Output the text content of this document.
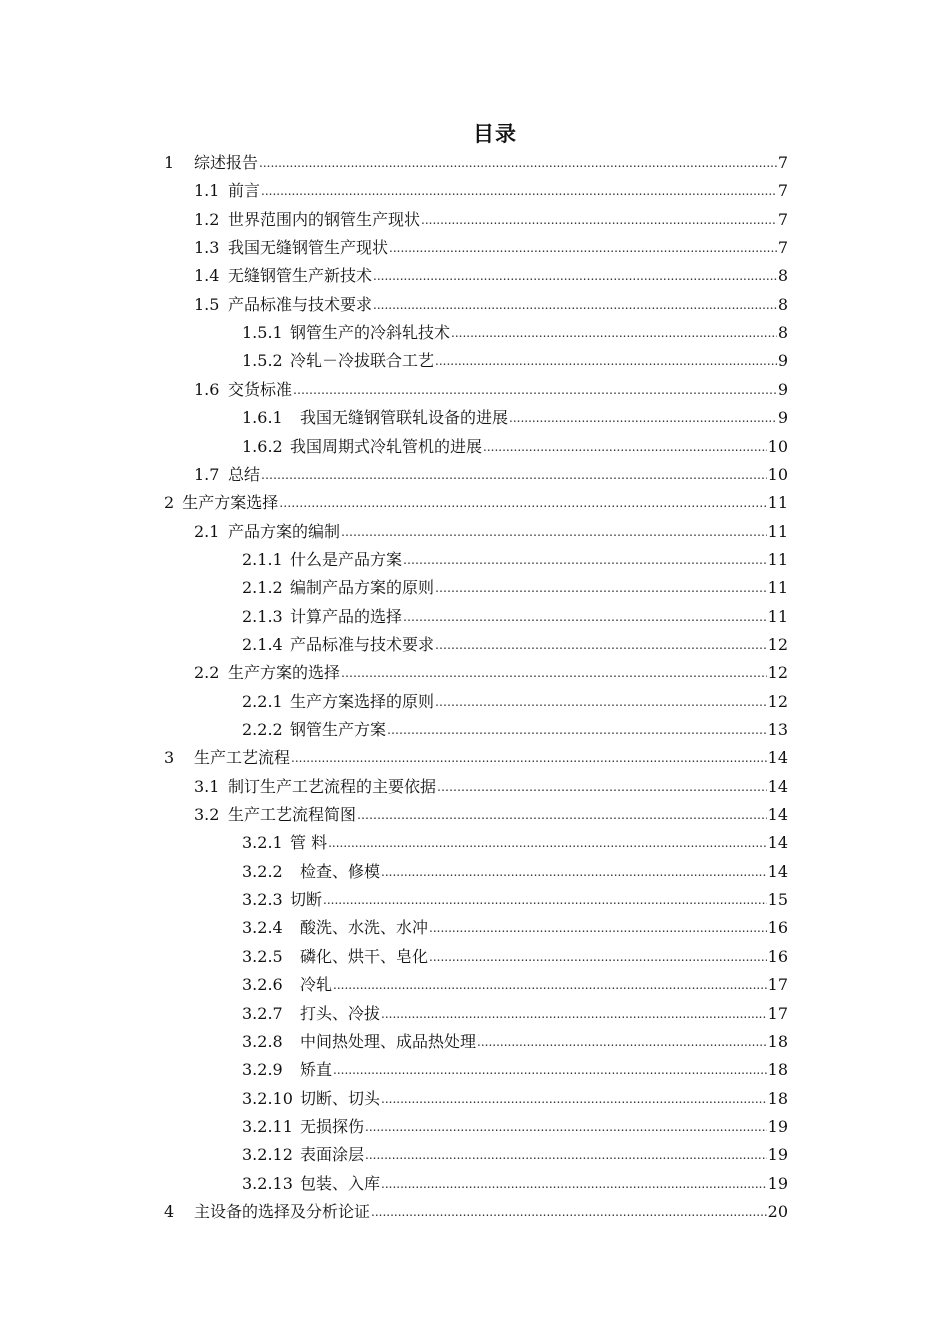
目录
1	综述报告 .....	7
1.1 前言 .....	7
1.2 世界范围内的钢管生产现状 .....	7
1.3 我国无缝钢管生产现状 .....	7
1.4 无缝钢管生产新技术 .....	8
1.5 产品标准与技术要求 .....	8
1.5.1 钢管生产的冷斜轧技术 .....	8
1.5.2 冷轧－冷拔联合工艺 .....	9
1.6 交货标准 …………………………………………………………………………………………………………………………………………	9
1.6.1	我国无缝钢管联轧设备的进展 .....	9
1.6.2 我国周期式冷轧管机的进展 .....	10
1.7 总结 …………………………………………………………………………………………………………………………………………	10
2 生产方案选择 …………………………………………………………………………………………………………………………………………	11
2.1 产品方案的编制 …………………………………………………………………………………………………………………………………………	11
2.1.1 什么是产品方案 …………………………………………………………………………………………………………………………………………	11
2.1.2 编制产品方案的原则 …………………………………………………………………………………………………………………………………………	11
2.1.3 计算产品的选择 …………………………………………………………………………………………………………………………………………	11
2.1.4 产品标准与技术要求 …………………………………………………………………………………………………………………………………………	12
2.2 生产方案的选择 …………………………………………………………………………………………………………………………………………	12
2.2.1 生产方案选择的原则 …………………………………………………………………………………………………………………………………………	12
2.2.2 钢管生产方案 …………………………………………………………………………………………………………………………………………	13
3	生产工艺流程 .....	14
3.1 制订生产工艺流程的主要依据 …………………………………………………………………………………………………………………………………………	14
3.2 生产工艺流程简图 …………………………………………………………………………………………………………………………………………	14
3.2.1 管 料 .....	14
3.2.2	检查、修模 .....	14
3.2.3 切断 .....	15
3.2.4	酸洗、水洗、水冲 .....	16
3.2.5	磷化、烘干、皂化 .....	16
3.2.6	冷轧 .....	17
3.2.7	打头、冷拔 .....	17
3.2.8	中间热处理、成品热处理 .....	18
3.2.9	矫直 .....	18
3.2.10 切断、切头 .....	18
3.2.11 无损探伤 .....	19
3.2.12 表面涂层 .....	19
3.2.13 包装、入库 .....	19
4	主设备的选择及分析论证 .....	20
